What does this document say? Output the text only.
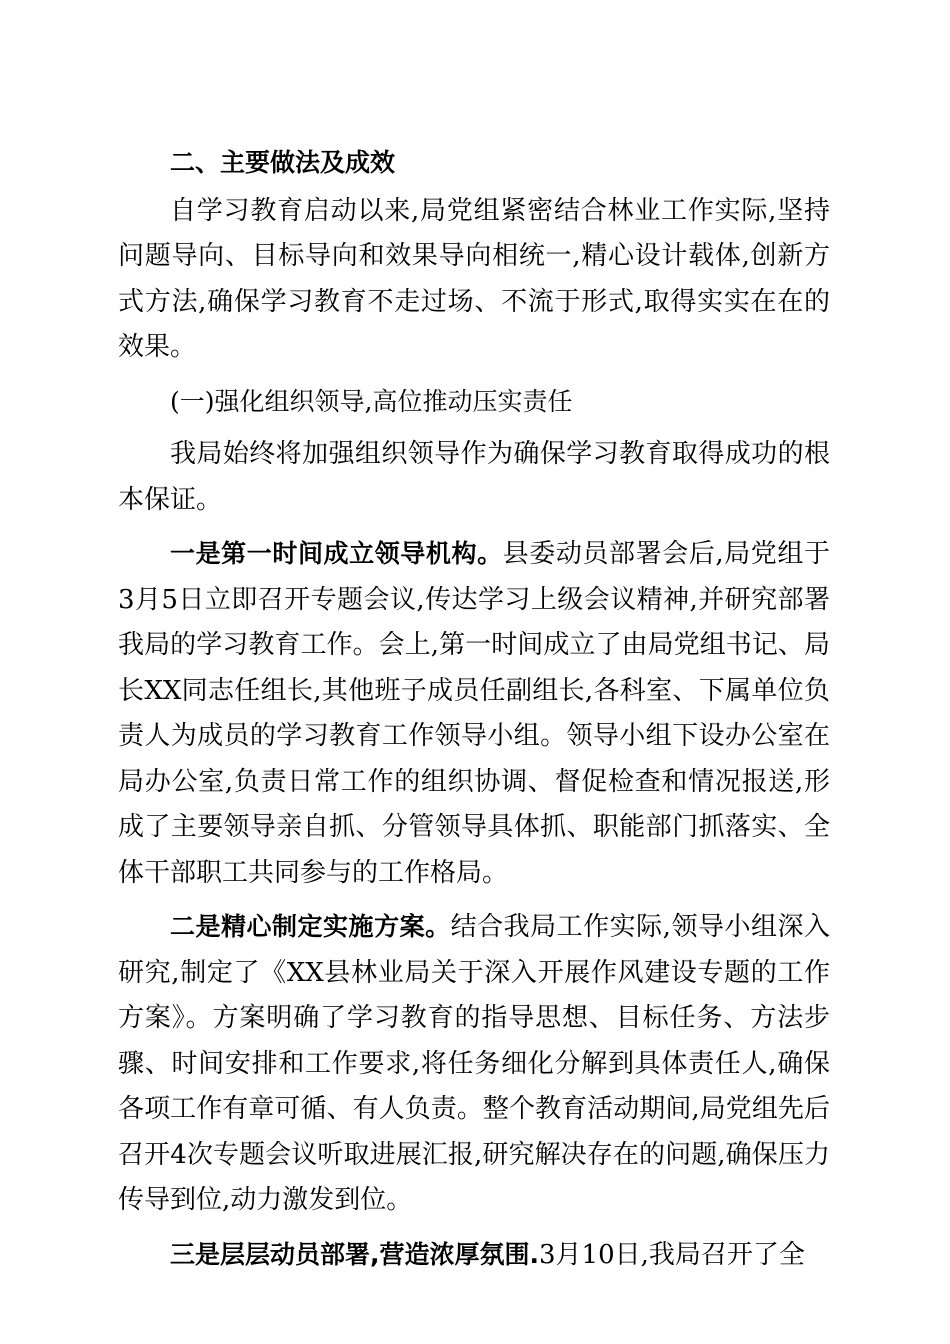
二、主要做法及成效

自学习教育启动以来,局党组紧密结合林业工作实际,坚持问题导向、目标导向和效果导向相统一,精心设计载体,创新方式方法,确保学习教育不走过场、不流于形式,取得实实在在的效果。

(一)强化组织领导,高位推动压实责任

我局始终将加强组织领导作为确保学习教育取得成功的根本保证。

一是第一时间成立领导机构。县委动员部署会后,局党组于3月5日立即召开专题会议,传达学习上级会议精神,并研究部署我局的学习教育工作。会上,第一时间成立了由局党组书记、局长XX同志任组长,其他班子成员任副组长,各科室、下属单位负责人为成员的学习教育工作领导小组。领导小组下设办公室在局办公室,负责日常工作的组织协调、督促检查和情况报送,形成了主要领导亲自抓、分管领导具体抓、职能部门抓落实、全体干部职工共同参与的工作格局。

二是精心制定实施方案。结合我局工作实际,领导小组深入研究,制定了《XX县林业局关于深入开展作风建设专题的工作方案》。方案明确了学习教育的指导思想、目标任务、方法步骤、时间安排和工作要求,将任务细化分解到具体责任人,确保各项工作有章可循、有人负责。整个教育活动期间,局党组先后召开4次专题会议听取进展汇报,研究解决存在的问题,确保压力传导到位,动力激发到位。

三是层层动员部署,营造浓厚氛围.3月10日,我局召开了全
